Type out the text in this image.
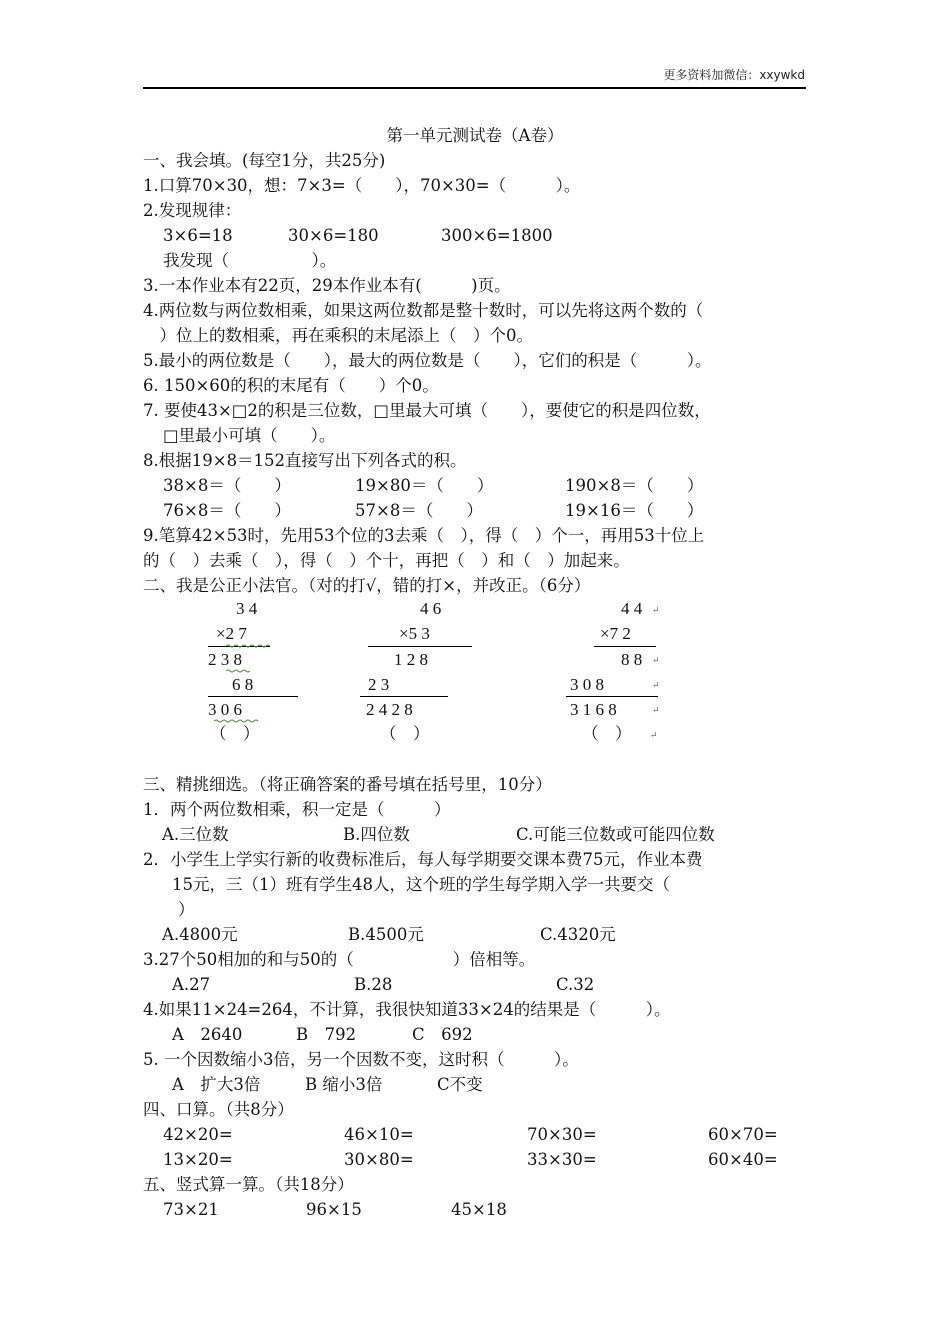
更多资料加微信：xxywkd
第一单元测试卷（A卷）
一、我会填。(每空1分，共25分)
1.口算70×30，想：7×3=（　　），70×30=（　　　）。
2.发现规律：
3×6=18	30×6=180	300×6=1800
我发现（　　　　　）。
3.一本作业本有22页，29本作业本有(　　　)页。
4.两位数与两位数相乘，如果这两位数都是整十数时，可以先将这两个数的（
　）位上的数相乘，再在乘积的末尾添上（　）个0。
5.最小的两位数是（　　），最大的两位数是（　　），它们的积是（　　　）。
6. 150×60的积的末尾有（　　）个0。
7. 要使43×□2的积是三位数，□里最大可填（　　），要使它的积是四位数，
□里最小可填（　　）。
8.根据19×8＝152直接写出下列各式的积。
38×8＝（　　）	19×80＝（　　）	190×8＝（　　）
76×8＝（　　）	57×8＝（　　）	19×16＝（　　）
9.笔算42×53时，先用53个位的3去乘（　），得（　）个一，再用53十位上
的（　）去乘（　），得（　）个十，再把（　）和（　）加起来。
二、我是公正小法官。（对的打√，错的打×，并改正。（6分）
3 4
×2 7
2 3 8
6 8
3 0 6
（　）
4 6
×5 3
1 2 8
2 3
2 4 2 8
（　）
4 4
×7 2
8 8
3 0 8
3 1 6 8
（　）
↵
↵
↵
↵
↵
三、精挑细选。（将正确答案的番号填在括号里，10分）
1．两个两位数相乘，积一定是（　　　）
A.三位数	B.四位数	C.可能三位数或可能四位数
2．小学生上学实行新的收费标准后，每人每学期要交课本费75元，作业本费
15元，三（1）班有学生48人，这个班的学生每学期入学一共要交（
）
A.4800元	B.4500元	C.4320元
3.27个50相加的和与50的（　　　　　　）倍相等。
A.27	B.28	C.32
4.如果11×24=264，不计算，我很快知道33×24的结果是（　　　）。
A　2640	B　792	C　692
5. 一个因数缩小3倍，另一个因数不变，这时积（　　　）。
A　扩大3倍	B 缩小3倍	C不变
四、口算。（共8分）
42×20=	46×10=	70×30=	60×70=
13×20=	30×80=	33×30=	60×40=
五、竖式算一算。（共18分）
73×21	96×15	45×18
